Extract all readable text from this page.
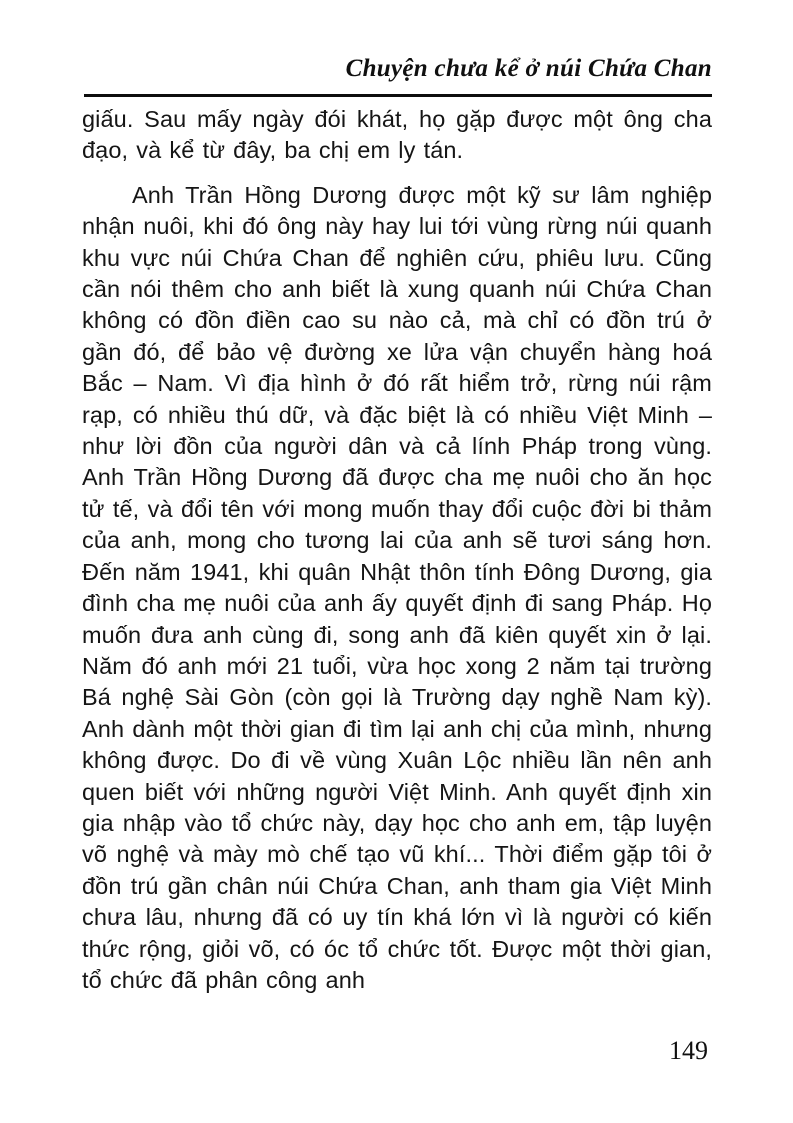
Chuyện chưa kể ở núi Chứa Chan

giấu. Sau mấy ngày đói khát, họ gặp được một ông cha đạo, và kể từ đây, ba chị em ly tán.

Anh Trần Hồng Dương được một kỹ sư lâm nghiệp nhận nuôi, khi đó ông này hay lui tới vùng rừng núi quanh khu vực núi Chứa Chan để nghiên cứu, phiêu lưu. Cũng cần nói thêm cho anh biết là xung quanh núi Chứa Chan không có đồn điền cao su nào cả, mà chỉ có đồn trú ở gần đó, để bảo vệ đường xe lửa vận chuyển hàng hoá Bắc – Nam. Vì địa hình ở đó rất hiểm trở, rừng núi rậm rạp, có nhiều thú dữ, và đặc biệt là có nhiều Việt Minh – như lời đồn của người dân và cả lính Pháp trong vùng. Anh Trần Hồng Dương đã được cha mẹ nuôi cho ăn học tử tế, và đổi tên với mong muốn thay đổi cuộc đời bi thảm của anh, mong cho tương lai của anh sẽ tươi sáng hơn. Đến năm 1941, khi quân Nhật thôn tính Đông Dương, gia đình cha mẹ nuôi của anh ấy quyết định đi sang Pháp. Họ muốn đưa anh cùng đi, song anh đã kiên quyết xin ở lại. Năm đó anh mới 21 tuổi, vừa học xong 2 năm tại trường Bá nghệ Sài Gòn (còn gọi là Trường dạy nghề Nam kỳ). Anh dành một thời gian đi tìm lại anh chị của mình, nhưng không được. Do đi về vùng Xuân Lộc nhiều lần nên anh quen biết với những người Việt Minh. Anh quyết định xin gia nhập vào tổ chức này, dạy học cho anh em, tập luyện võ nghệ và mày mò chế tạo vũ khí... Thời điểm gặp tôi ở đồn trú gần chân núi Chứa Chan, anh tham gia Việt Minh chưa lâu, nhưng đã có uy tín khá lớn vì là người có kiến thức rộng, giỏi võ, có óc tổ chức tốt. Được một thời gian, tổ chức đã phân công anh

149
